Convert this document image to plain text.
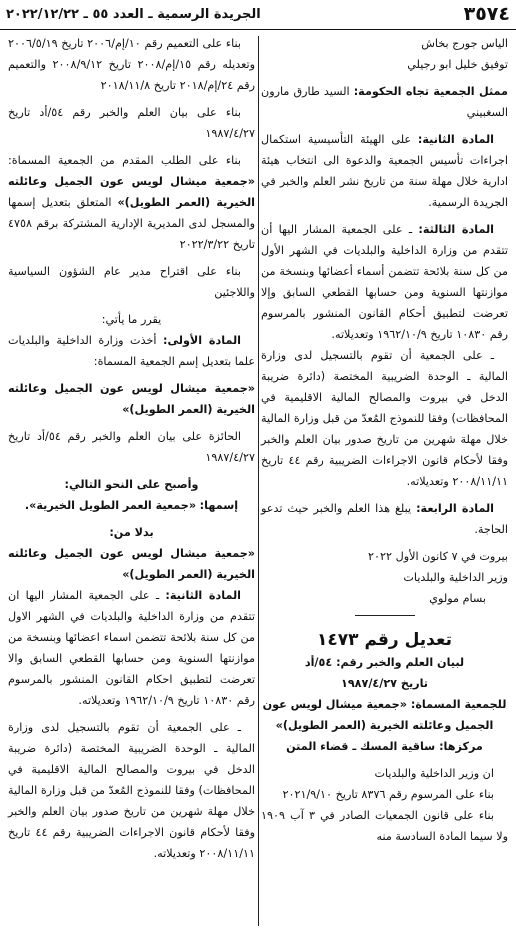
٣٥٧٤
الجريدة الرسمية ـ العدد ٥٥ ـ ٢٠٢٢/١٢/٢٢

الياس جورج بخاش

توفيق خليل ابو رجيلي

ممثل الجمعية تجاه الحكومة: السيد طارق مارون السغبيني

المادة الثانية: على الهيئة التأسيسية استكمال اجراءات تأسيس الجمعية والدعوة الى انتخاب هيئة ادارية خلال مهلة سنة من تاريخ نشر العلم والخبر في الجريدة الرسمية.

المادة الثالثة: ـ على الجمعية المشار اليها أن تتقدم من وزارة الداخلية والبلديات في الشهر الأول من كل سنة بلائحة تتضمن أسماء أعضائها وبنسخة من موازنتها السنوية ومن حسابها القطعي السابق وإلا تعرضت لتطبيق أحكام القانون المنشور بالمرسوم رقم ١٠٨٣٠ تاريخ ١٩٦٢/١٠/٩ وتعديلاته.

ـ على الجمعية أن تقوم بالتسجيل لدى وزارة المالية ـ الوحدة الضريبية المختصة (دائرة ضريبة الدخل في بيروت والمصالح المالية الاقليمية في المحافظات) وفقا للنموذج المُعدّ من قبل وزارة المالية خلال مهلة شهرين من تاريخ صدور بيان العلم والخبر وفقا لأحكام قانون الاجراءات الضريبية رقم ٤٤ تاريخ ٢٠٠٨/١١/١١ وتعديلاته.

المادة الرابعة: يبلغ هذا العلم والخبر حيث تدعو الحاجة.

بيروت في ٧ كانون الأول ٢٠٢٢

وزير الداخلية والبلديات

بسام مولوي

تعديل رقم ١٤٧٣

لبيان العلم والخبر رقم: ٥٤/أد

تاريخ ١٩٨٧/٤/٢٧

للجمعية المسماة: «جمعية ميشال لويس عون الجميل وعائلته الخيرية (العمر الطويل)»

مركزها: ساقية المسك ـ قضاء المتن

ان وزير الداخلية والبلديات

بناء على المرسوم رقم ٨٣٧٦ تاريخ ٢٠٢١/٩/١٠

بناء على قانون الجمعيات الصادر في ٣ آب ١٩٠٩ ولا سيما المادة السادسة منه

بناء على التعميم رقم ١٠/إم/٢٠٠٦ تاريخ ٢٠٠٦/٥/١٩ وتعديله رقم ١٥/إم/٢٠٠٨ تاريخ ٢٠٠٨/٩/١٢ والتعميم رقم ٢٤/إم/٢٠١٨ تاريخ ٢٠١٨/١١/٨

بناء على بيان العلم والخبر رقم ٥٤/أد تاريخ ١٩٨٧/٤/٢٧

بناء على الطلب المقدم من الجمعية المسماة: «جمعية ميشال لويس عون الجميل وعائلته الخيرية (العمر الطويل)» المتعلق بتعديل إسمها والمسجل لدى المديرية الإدارية المشتركة برقم ٤٧٥٨ تاريخ ٢٠٢٢/٣/٢٢

بناء على اقتراح مدير عام الشؤون السياسية واللاجئين

يقرر ما يأتي:

المادة الأولى: أخذت وزارة الداخلية والبلديات علما بتعديل إسم الجمعية المسماة:

«جمعية ميشال لويس عون الجميل وعائلته الخيرية (العمر الطويل)»

الحائزة على بيان العلم والخبر رقم ٥٤/أد تاريخ ١٩٨٧/٤/٢٧

وأصبح على النحو التالي:

إسمها: «جمعية العمر الطويل الخيرية».

بدلا من:

«جمعية ميشال لويس عون الجميل وعائلته الخيرية (العمر الطويل)»

المادة الثانية: ـ على الجمعية المشار اليها ان تتقدم من وزارة الداخلية والبلديات في الشهر الاول من كل سنة بلائحة تتضمن اسماء اعضائها وبنسخة من موازنتها السنوية ومن حسابها القطعي السابق والا تعرضت لتطبيق احكام القانون المنشور بالمرسوم رقم ١٠٨٣٠ تاريخ ١٩٦٢/١٠/٩ وتعديلاته.

ـ على الجمعية أن تقوم بالتسجيل لدى وزارة المالية ـ الوحدة الضريبية المختصة (دائرة ضريبة الدخل في بيروت والمصالح المالية الاقليمية في المحافظات) وفقا للنموذج المُعدّ من قبل وزارة المالية خلال مهلة شهرين من تاريخ صدور بيان العلم والخبر وفقا لأحكام قانون الاجراءات الضريبية رقم ٤٤ تاريخ ٢٠٠٨/١١/١١ وتعديلاته.
